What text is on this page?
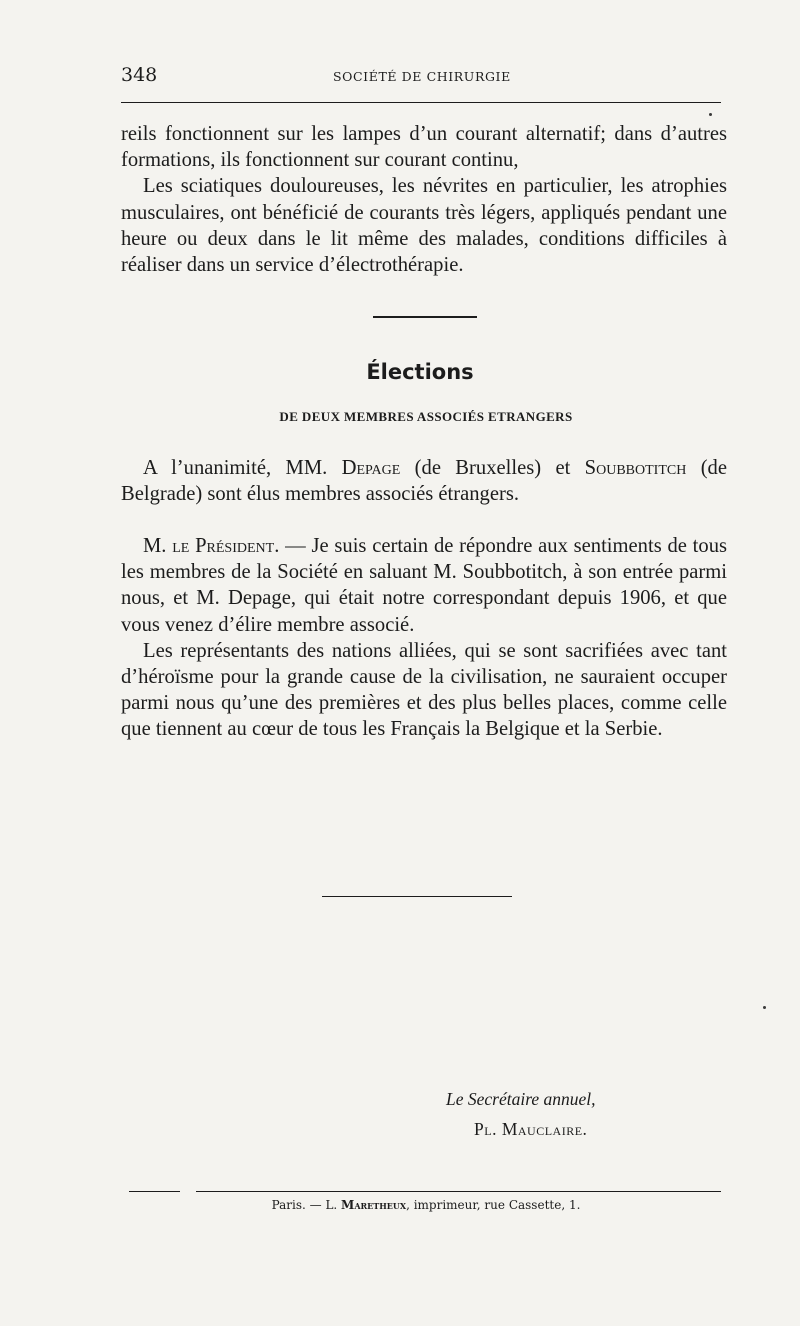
348	SOCIÉTÉ DE CHIRURGIE

reils fonctionnent sur les lampes d’un courant alternatif; dans d’autres formations, ils fonctionnent sur courant continu,

Les sciatiques douloureuses, les névrites en particulier, les atrophies musculaires, ont bénéficié de courants très légers, appliqués pendant une heure ou deux dans le lit même des malades, conditions difficiles à réaliser dans un service d’électrothérapie.

Élections
DE DEUX MEMBRES ASSOCIÉS ETRANGERS

A l’unanimité, MM. Depage (de Bruxelles) et Soubbotitch (de Belgrade) sont élus membres associés étrangers.

M. le Président. — Je suis certain de répondre aux sentiments de tous les membres de la Société en saluant M. Soubbotitch, à son entrée parmi nous, et M. Depage, qui était notre correspondant depuis 1906, et que vous venez d’élire membre associé.

Les représentants des nations alliées, qui se sont sacrifiées avec tant d’héroïsme pour la grande cause de la civilisation, ne sauraient occuper parmi nous qu’une des premières et des plus belles places, comme celle que tiennent au cœur de tous les Français la Belgique et la Serbie.

Le Secrétaire annuel,
Pl. Mauclaire.
Paris. — L. Maretheux, imprimeur, rue Cassette, 1.
